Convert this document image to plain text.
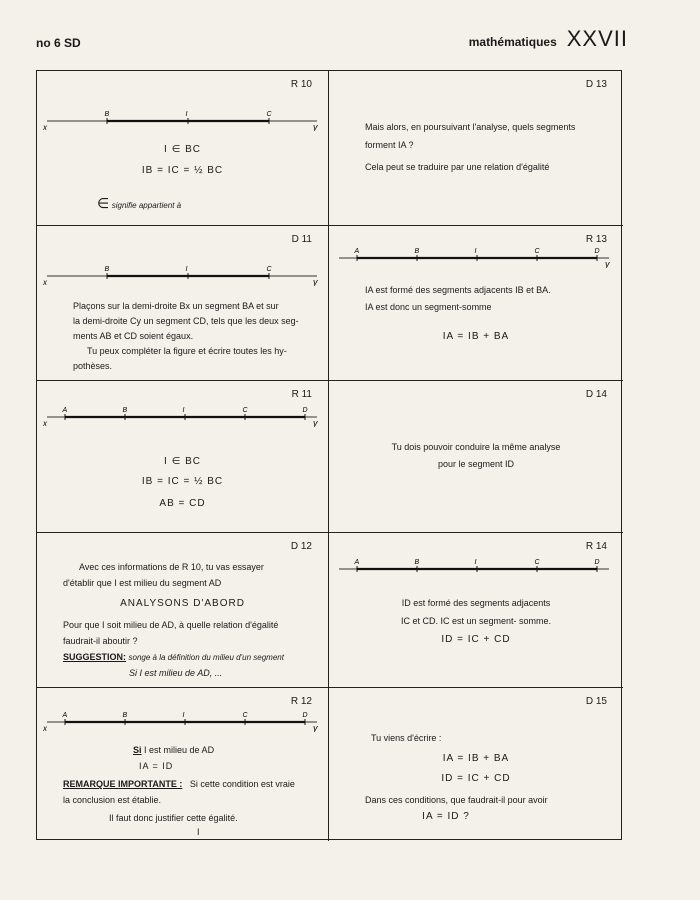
no 6 SD	mathématiques XXVII
R 10
x	y
B	I	C
I ∈ BC
IB = IC = ½ BC
∈ signifie appartient à
D 13
Mais alors, en poursuivant l'analyse, quels segments
forment IA ?
Cela peut se traduire par une relation d'égalité
D 11
x	y
B	I	C
Plaçons sur la demi-droite Bx un segment BA et sur
la demi-droite Cy un segment CD, tels que les deux seg-
ments AB et CD soient égaux.
Tu peux compléter la figure et écrire toutes les hy-
pothèses.
R 13
y
A	B	I	C	D
IA est formé des segments adjacents IB et BA.
IA est donc un segment-somme
IA = IB + BA
R 11
x	y
A	B	I	C	D
I ∈ BC
IB = IC = ½ BC
AB = CD
D 14
Tu dois pouvoir conduire la même analyse
pour le segment ID
D 12
Avec ces informations de R 10, tu vas essayer
d'établir que I est milieu du segment AD
ANALYSONS D'ABORD
Pour que I soit milieu de AD, à quelle relation d'égalité
faudrait-il aboutir ?
SUGGESTION: songe à la définition du milieu d'un segment
Si I est milieu de AD, ...
R 14
A	B	I	C	D
ID est formé des segments adjacents
IC et CD. IC est un segment- somme.
ID = IC + CD
R 12
x	y
A	B	I	C	D
Si I est milieu de AD
IA = ID
REMARQUE IMPORTANTE : Si cette condition est vraie
la conclusion est établie.
Il faut donc justifier cette égalité.
I
D 15
Tu viens d'écrire :
IA = IB + BA
ID = IC + CD
Dans ces conditions, que faudrait-il pour avoir
IA = ID ?
